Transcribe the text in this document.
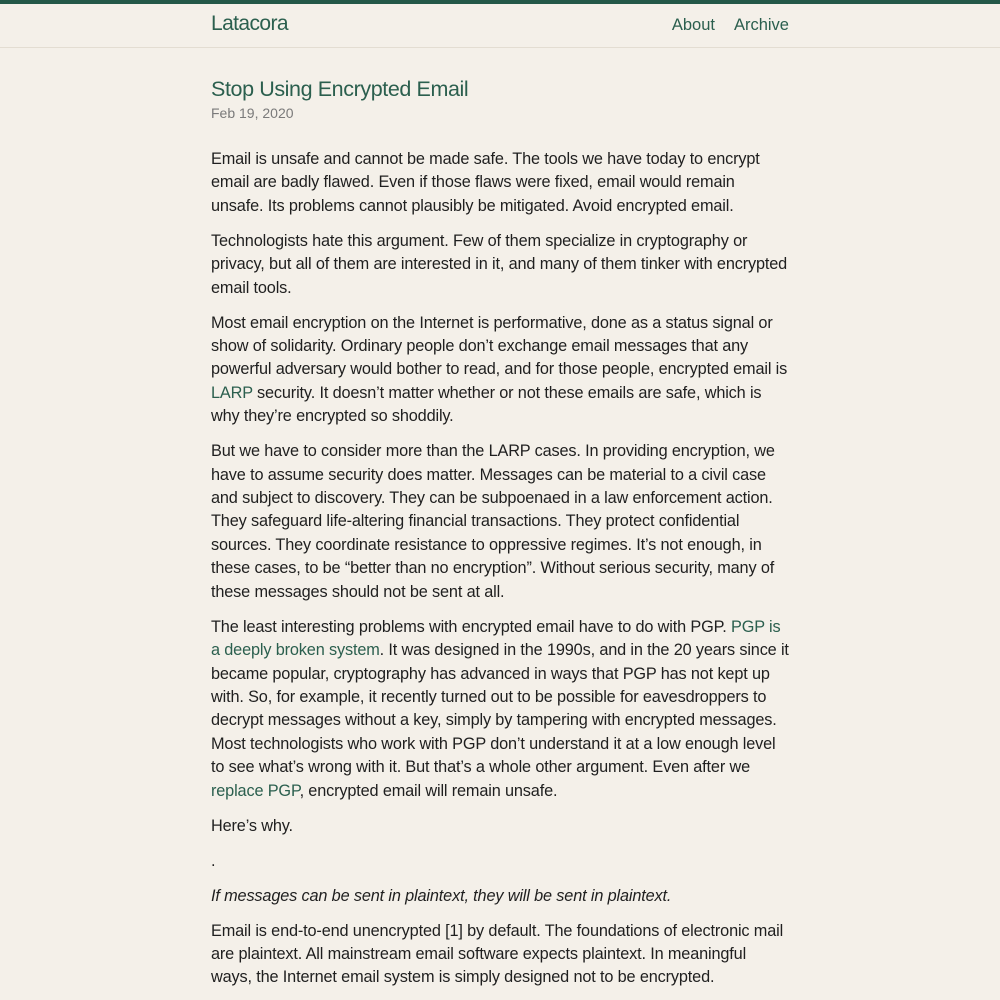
Latacora	About Archive
Stop Using Encrypted Email
Feb 19, 2020

Email is unsafe and cannot be made safe. The tools we have today to encrypt email are badly flawed. Even if those flaws were fixed, email would remain unsafe. Its problems cannot plausibly be mitigated. Avoid encrypted email.

Technologists hate this argument. Few of them specialize in cryptography or privacy, but all of them are interested in it, and many of them tinker with encrypted email tools.

Most email encryption on the Internet is performative, done as a status signal or show of solidarity. Ordinary people don’t exchange email messages that any powerful adversary would bother to read, and for those people, encrypted email is LARP security. It doesn’t matter whether or not these emails are safe, which is why they’re encrypted so shoddily.

But we have to consider more than the LARP cases. In providing encryption, we have to assume security does matter. Messages can be material to a civil case and subject to discovery. They can be subpoenaed in a law enforcement action. They safeguard life-altering financial transactions. They protect confidential sources. They coordinate resistance to oppressive regimes. It’s not enough, in these cases, to be “better than no encryption”. Without serious security, many of these messages should not be sent at all.

The least interesting problems with encrypted email have to do with PGP. PGP is a deeply broken system. It was designed in the 1990s, and in the 20 years since it became popular, cryptography has advanced in ways that PGP has not kept up with. So, for example, it recently turned out to be possible for eavesdroppers to decrypt messages without a key, simply by tampering with encrypted messages. Most technologists who work with PGP don’t understand it at a low enough level to see what’s wrong with it. But that’s a whole other argument. Even after we replace PGP, encrypted email will remain unsafe.

Here’s why.

.

If messages can be sent in plaintext, they will be sent in plaintext.

Email is end-to-end unencrypted [1] by default. The foundations of electronic mail are plaintext. All mainstream email software expects plaintext. In meaningful ways, the Internet email system is simply designed not to be encrypted.
